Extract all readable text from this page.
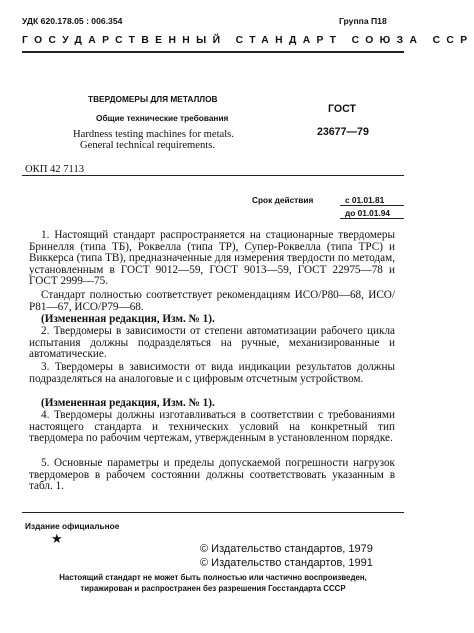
УДК 620.178.05 : 006.354	Группа П18
ГОСУДАРСТВЕННЫЙ СТАНДАРТ СОЮЗА ССР
ТВЕРДОМЕРЫ ДЛЯ МЕТАЛЛОВ
Общие технические требования
Hardness testing machines for metals.
General technical requirements.
ГОСТ
23677—79
ОКП 42 7113
Срок действия	с 01.01.81
до 01.01.94

1. Настоящий стандарт распространяется на стационарные твердомеры Бринелля (типа ТБ), Роквелла (типа ТР), Супер-Роквелла (типа ТРС) и Виккерса (типа ТВ), предназначенные для измерения твердости по методам, установленным в ГОСТ 9012—59, ГОСТ 9013—59, ГОСТ 22975—78 и ГОСТ 2999—75.

Стандарт полностью соответствует рекомендациям ИСО/Р80—68, ИСО/Р81—67, ИСО/Р79—68.

(Измененная редакция, Изм. № 1).

2. Твердомеры в зависимости от степени автоматизации рабочего цикла испытания должны подразделяться на ручные, механизированные и автоматические.

3. Твердомеры в зависимости от вида индикации результатов должны подразделяться на аналоговые и с цифровым отсчетным устройством.

(Измененная редакция, Изм. № 1).

4. Твердомеры должны изготавливаться в соответствии с требованиями настоящего стандарта и технических условий на конкретный тип твердомера по рабочим чертежам, утвержденным в установленном порядке.

5. Основные параметры и пределы допускаемой погрешности нагрузок твердомеров в рабочем состоянии должны соответствовать указанным в табл. 1.

Издание официальное
★
© Издательство стандартов, 1979
© Издательство стандартов, 1991
Настоящий стандарт не может быть полностью или частично воспроизведен,
тиражирован и распространен без разрешения Госстандарта СССР
